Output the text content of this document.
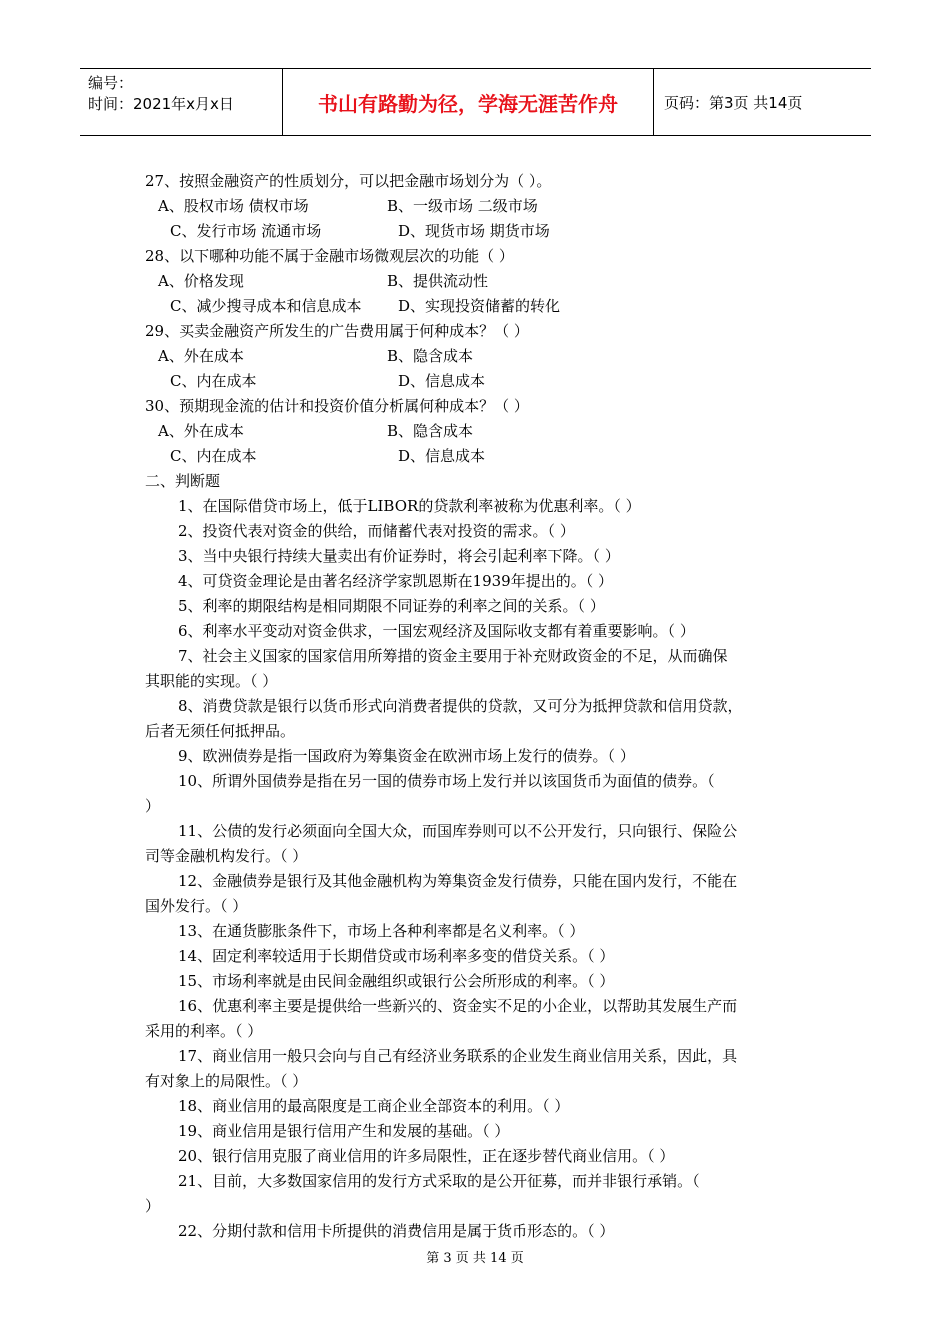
编号：
时间：2021年x月x日	书山有路勤为径，学海无涯苦作舟	页码：第3页 共14页
27、按照金融资产的性质划分，可以把金融市场划分为（ ）。
A、股权市场 债权市场	B、一级市场 二级市场
C、发行市场 流通市场	D、现货市场 期货市场
28、以下哪种功能不属于金融市场微观层次的功能（ ）
A、价格发现	B、提供流动性
C、减少搜寻成本和信息成本 D、实现投资储蓄的转化
29、买卖金融资产所发生的广告费用属于何种成本？（ ）
A、外在成本	B、隐含成本
C、内在成本	D、信息成本
30、预期现金流的估计和投资价值分析属何种成本？（ ）
A、外在成本	B、隐含成本
C、内在成本	D、信息成本
二、判断题
1、在国际借贷市场上，低于LIBOR的贷款利率被称为优惠利率。（ ）
2、投资代表对资金的供给，而储蓄代表对投资的需求。（ ）
3、当中央银行持续大量卖出有价证券时，将会引起利率下降。（ ）
4、可贷资金理论是由著名经济学家凯恩斯在1939年提出的。（ ）
5、利率的期限结构是相同期限不同证券的利率之间的关系。（ ）
6、利率水平变动对资金供求，一国宏观经济及国际收支都有着重要影响。（ ）
7、社会主义国家的国家信用所筹措的资金主要用于补充财政资金的不足，从而确保
其职能的实现。（ ）
8、消费贷款是银行以货币形式向消费者提供的贷款，又可分为抵押贷款和信用贷款，
后者无须任何抵押品。
9、欧洲债券是指一国政府为筹集资金在欧洲市场上发行的债券。（ ）
10、所谓外国债券是指在另一国的债券市场上发行并以该国货币为面值的债券。（
）
11、公债的发行必须面向全国大众，而国库券则可以不公开发行，只向银行、保险公
司等金融机构发行。（ ）
12、金融债券是银行及其他金融机构为筹集资金发行债券，只能在国内发行，不能在
国外发行。（ ）
13、在通货膨胀条件下，市场上各种利率都是名义利率。（ ）
14、固定利率较适用于长期借贷或市场利率多变的借贷关系。（ ）
15、市场利率就是由民间金融组织或银行公会所形成的利率。（ ）
16、优惠利率主要是提供给一些新兴的、资金实不足的小企业，以帮助其发展生产而
采用的利率。（ ）
17、商业信用一般只会向与自己有经济业务联系的企业发生商业信用关系，因此，具
有对象上的局限性。（ ）
18、商业信用的最高限度是工商企业全部资本的利用。（ ）
19、商业信用是银行信用产生和发展的基础。（ ）
20、银行信用克服了商业信用的许多局限性，正在逐步替代商业信用。（ ）
21、目前，大多数国家信用的发行方式采取的是公开征募，而并非银行承销。（
）
22、分期付款和信用卡所提供的消费信用是属于货币形态的。（ ）
第 3 页 共 14 页
